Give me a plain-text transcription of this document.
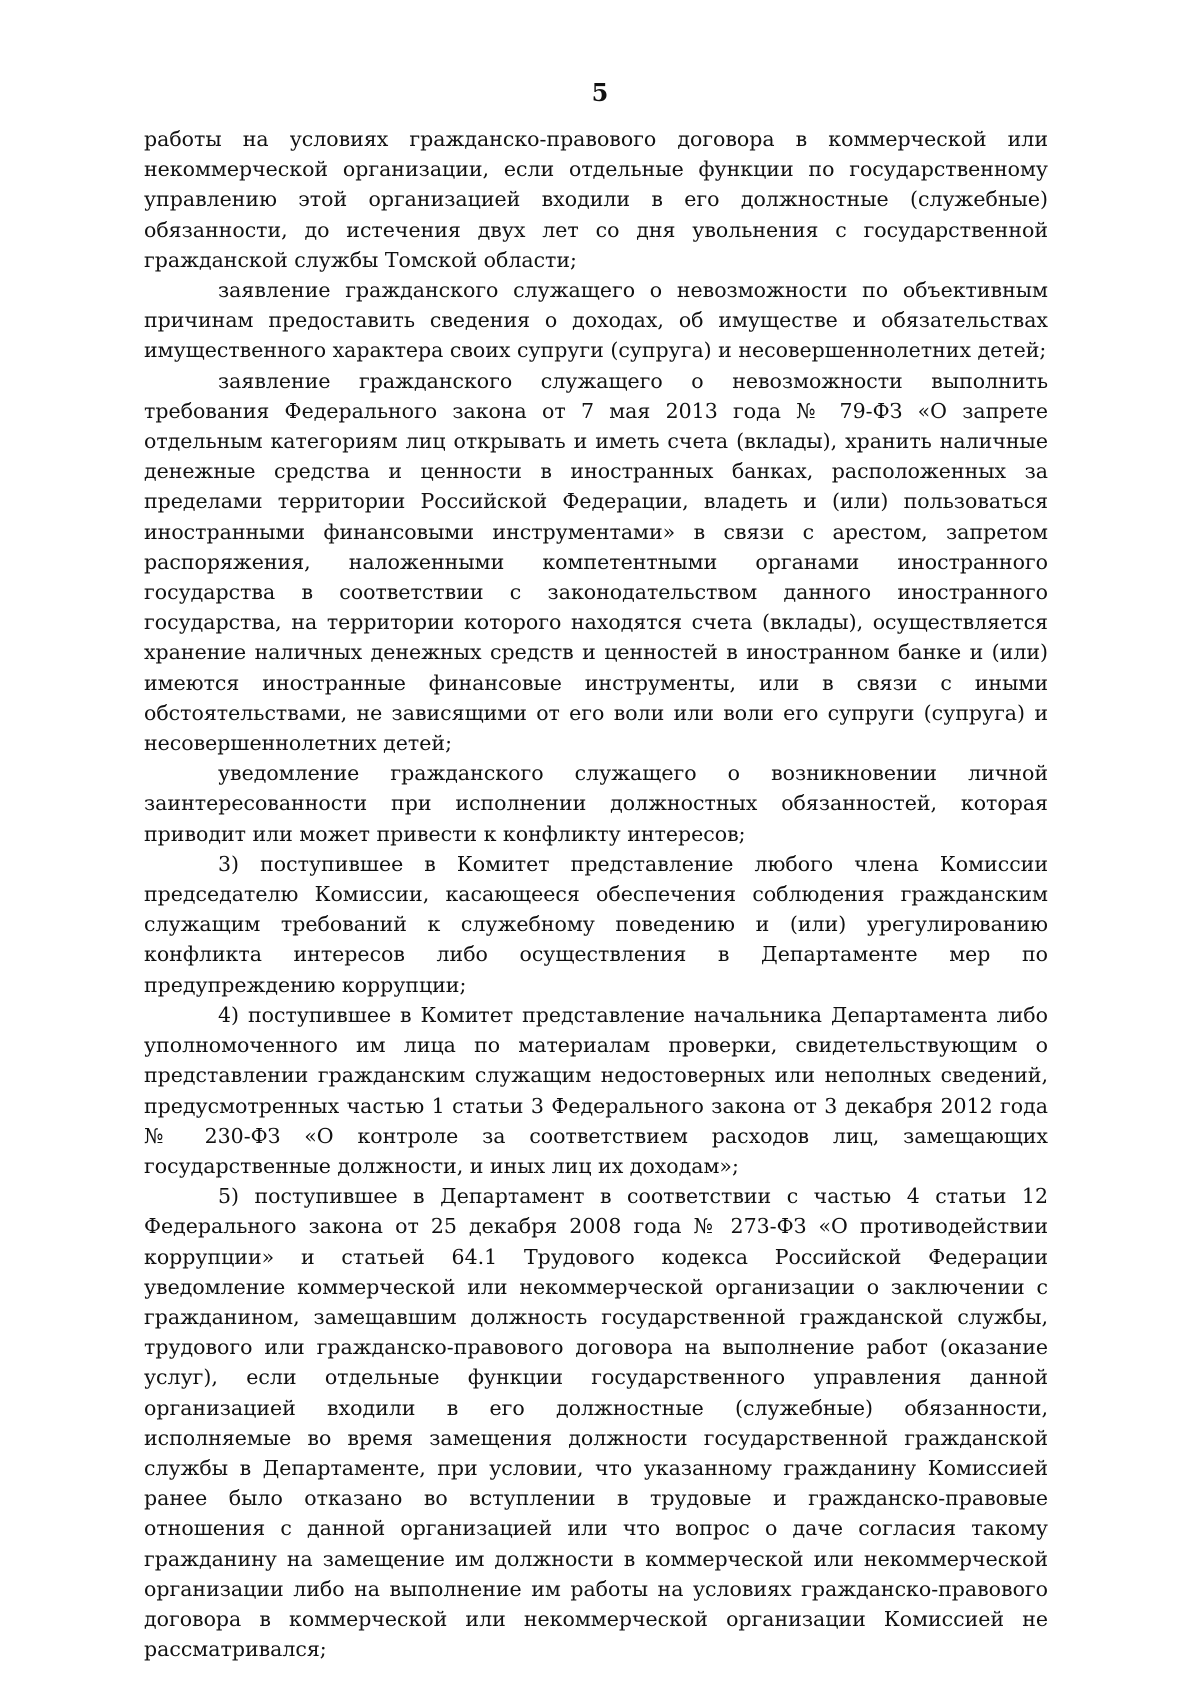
5

работы на условиях гражданско-правового договора в коммерческой или некоммерческой организации, если отдельные функции по государственному управлению этой организацией входили в его должностные (служебные) обязанности, до истечения двух лет со дня увольнения с государственной гражданской службы Томской области;

заявление гражданского служащего о невозможности по объективным причинам предоставить сведения о доходах, об имуществе и обязательствах имущественного характера своих супруги (супруга) и несовершеннолетних детей;

заявление гражданского служащего о невозможности выполнить требования Федерального закона от 7 мая 2013 года № 79-ФЗ «О запрете отдельным категориям лиц открывать и иметь счета (вклады), хранить наличные денежные средства и ценности в иностранных банках, расположенных за пределами территории Российской Федерации, владеть и (или) пользоваться иностранными финансовыми инструментами» в связи с арестом, запретом распоряжения, наложенными компетентными органами иностранного государства в соответствии с законодательством данного иностранного государства, на территории которого находятся счета (вклады), осуществляется хранение наличных денежных средств и ценностей в иностранном банке и (или) имеются иностранные финансовые инструменты, или в связи с иными обстоятельствами, не зависящими от его воли или воли его супруги (супруга) и несовершеннолетних детей;

уведомление гражданского служащего о возникновении личной заинтересованности при исполнении должностных обязанностей, которая приводит или может привести к конфликту интересов;

3) поступившее в Комитет представление любого члена Комиссии председателю Комиссии, касающееся обеспечения соблюдения гражданским служащим требований к служебному поведению и (или) урегулированию конфликта интересов либо осуществления в Департаменте мер по предупреждению коррупции;

4) поступившее в Комитет представление начальника Департамента либо уполномоченного им лица по материалам проверки, свидетельствующим о представлении гражданским служащим недостоверных или неполных сведений, предусмотренных частью 1 статьи 3 Федерального закона от 3 декабря 2012 года № 230-ФЗ «О контроле за соответствием расходов лиц, замещающих государственные должности, и иных лиц их доходам»;

5) поступившее в Департамент в соответствии с частью 4 статьи 12 Федерального закона от 25 декабря 2008 года № 273-ФЗ «О противодействии коррупции» и статьей 64.1 Трудового кодекса Российской Федерации уведомление коммерческой или некоммерческой организации о заключении с гражданином, замещавшим должность государственной гражданской службы, трудового или гражданско-правового договора на выполнение работ (оказание услуг), если отдельные функции государственного управления данной организацией входили в его должностные (служебные) обязанности, исполняемые во время замещения должности государственной гражданской службы в Департаменте, при условии, что указанному гражданину Комиссией ранее было отказано во вступлении в трудовые и гражданско-правовые отношения с данной организацией или что вопрос о даче согласия такому гражданину на замещение им должности в коммерческой или некоммерческой организации либо на выполнение им работы на условиях гражданско-правового договора в коммерческой или некоммерческой организации Комиссией не рассматривался;
